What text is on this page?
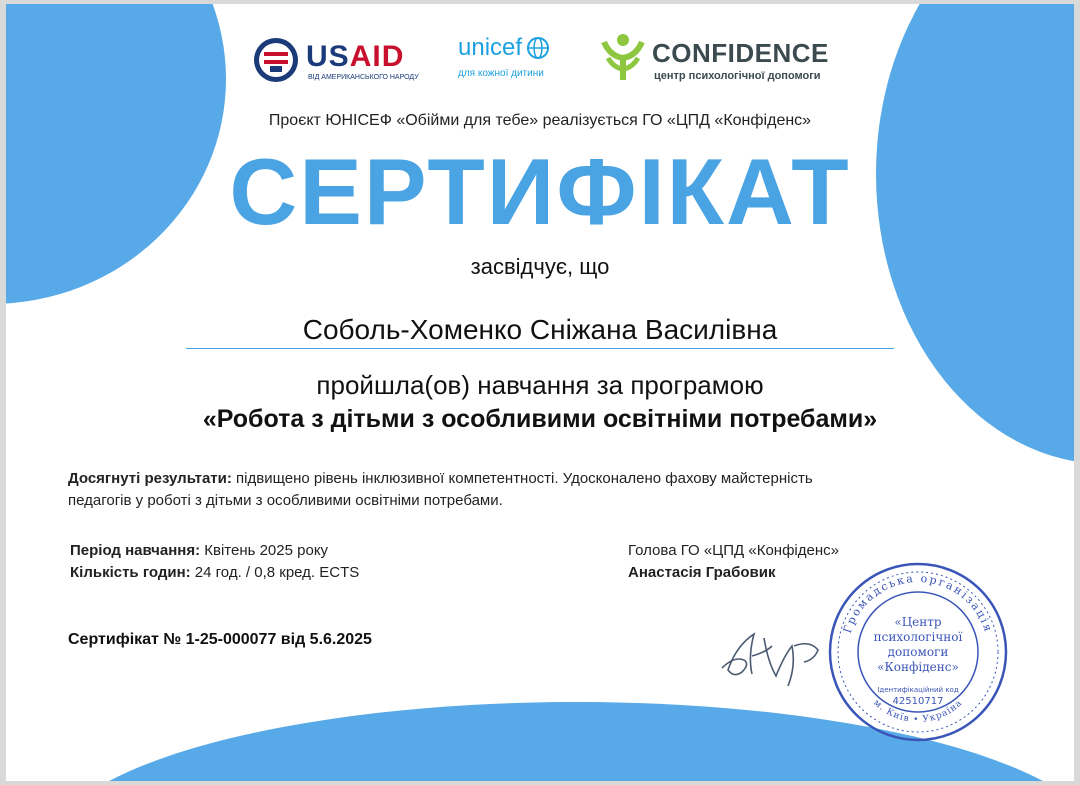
USAID
ВІД АМЕРИКАНСЬКОГО НАРОДУ
unicef
для кожної дитини
CONFIDENCE
центр психологічної допомоги
Проєкт ЮНІСЕФ «Обійми для тебе» реалізується ГО «ЦПД «Конфіденс»
СЕРТИФІКАТ
засвідчує, що
Соболь-Хоменко Сніжана Василівна
пройшла(ов) навчання за програмою
«Робота з дітьми з особливими освітніми потребами»
Досягнуті результати: підвищено рівень інклюзивної компетентності. Удосконалено фахову майстерність педагогів у роботі з дітьми з особливими освітніми потребами.
Період навчання: Квітень 2025 року
Кількість годин: 24 год. / 0,8 кред. ECTS
Голова ГО «ЦПД «Конфіденс»
Анастасія Грабовик
Сертифікат № 1-25-000077 від 5.6.2025
Громадська організація
м. Київ • Україна
«Центр
психологічної
допомоги
«Конфіденс»
Ідентифікаційний код
42510717
